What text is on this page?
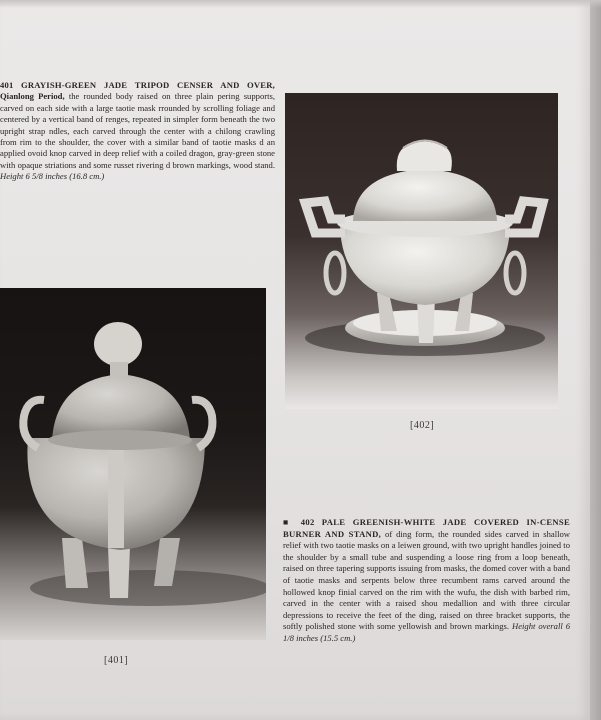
401 GRAYISH-GREEN JADE TRIPOD CENSER AND OVER, Qianlong Period, the rounded body raised on three plain pering supports, carved on each side with a large taotie mask rrounded by scrolling foliage and centered by a vertical band of renges, repeated in simpler form beneath the two upright strap ndles, each carved through the center with a chilong crawling from rim to the shoulder, the cover with a similar band of taotie masks d an applied ovoid knop carved in deep relief with a coiled dragon, gray-green stone with opaque striations and some russet rivering d brown markings, wood stand. Height 6 5/8 inches (16.8 cm.)
[402]
[401]
■ 402 PALE GREENISH-WHITE JADE COVERED IN-CENSE BURNER AND STAND, of ding form, the rounded sides carved in shallow relief with two taotie masks on a leiwen ground, with two upright handles joined to the shoulder by a small tube and suspending a loose ring from a loop beneath, raised on three tapering supports issuing from masks, the domed cover with a band of taotie masks and serpents below three recumbent rams carved around the hollowed knop finial carved on the rim with the wufu, the dish with barbed rim, carved in the center with a raised shou medallion and with three circular depressions to receive the feet of the ding, raised on three bracket supports, the softly polished stone with some yellowish and brown markings. Height overall 6 1/8 inches (15.5 cm.)
